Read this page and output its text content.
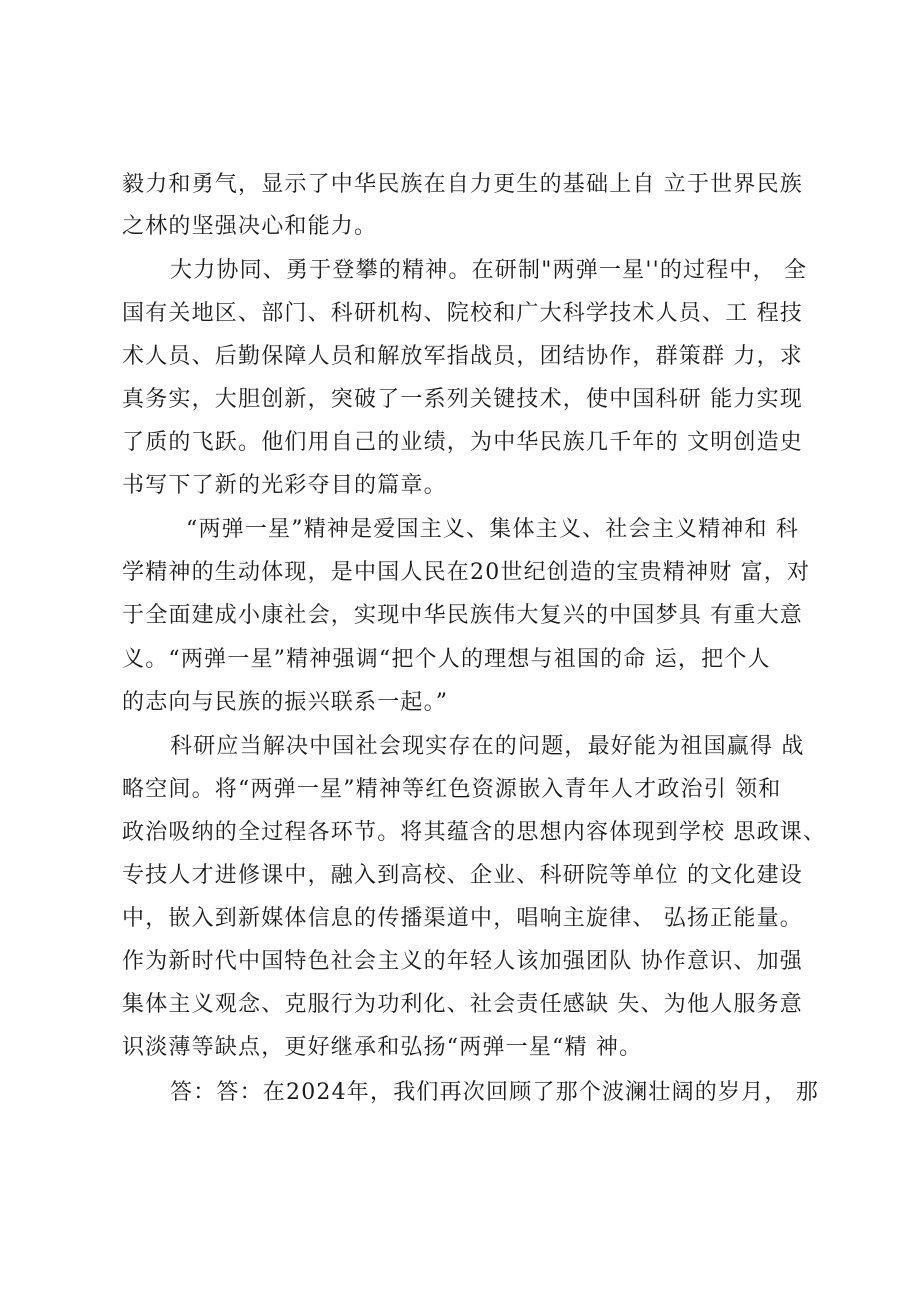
毅力和勇气，显示了中华民族在自力更生的基础上自 立于世界民族
之林的坚强决心和能力。
大力协同、勇于登攀的精神。在研制"两弹一星''的过程中， 全
国有关地区、部门、科研机构、院校和广大科学技术人员、工 程技
术人员、后勤保障人员和解放军指战员，团结协作，群策群 力，求
真务实，大胆创新，突破了一系列关键技术，使中国科研 能力实现
了质的飞跃。他们用自己的业绩，为中华民族几千年的 文明创造史
书写下了新的光彩夺目的篇章。
“两弹一星”精神是爱国主义、集体主义、社会主义精神和 科
学精神的生动体现，是中国人民在20世纪创造的宝贵精神财 富，对
于全面建成小康社会，实现中华民族伟大复兴的中国梦具 有重大意
义。“两弹一星”精神强调“把个人的理想与祖国的命 运，把个人
的志向与民族的振兴联系一起。”
科研应当解决中国社会现实存在的问题，最好能为祖国赢得 战
略空间。将“两弹一星”精神等红色资源嵌入青年人才政治引 领和
政治吸纳的全过程各环节。将其蕴含的思想内容体现到学校 思政课、
专技人才进修课中，融入到高校、企业、科研院等单位 的文化建设
中，嵌入到新媒体信息的传播渠道中，唱响主旋律、 弘扬正能量。
作为新时代中国特色社会主义的年轻人该加强团队 协作意识、加强
集体主义观念、克服行为功利化、社会责任感缺 失、为他人服务意
识淡薄等缺点，更好继承和弘扬“两弹一星“精 神。
答：答：在2024年，我们再次回顾了那个波澜壮阔的岁月， 那
